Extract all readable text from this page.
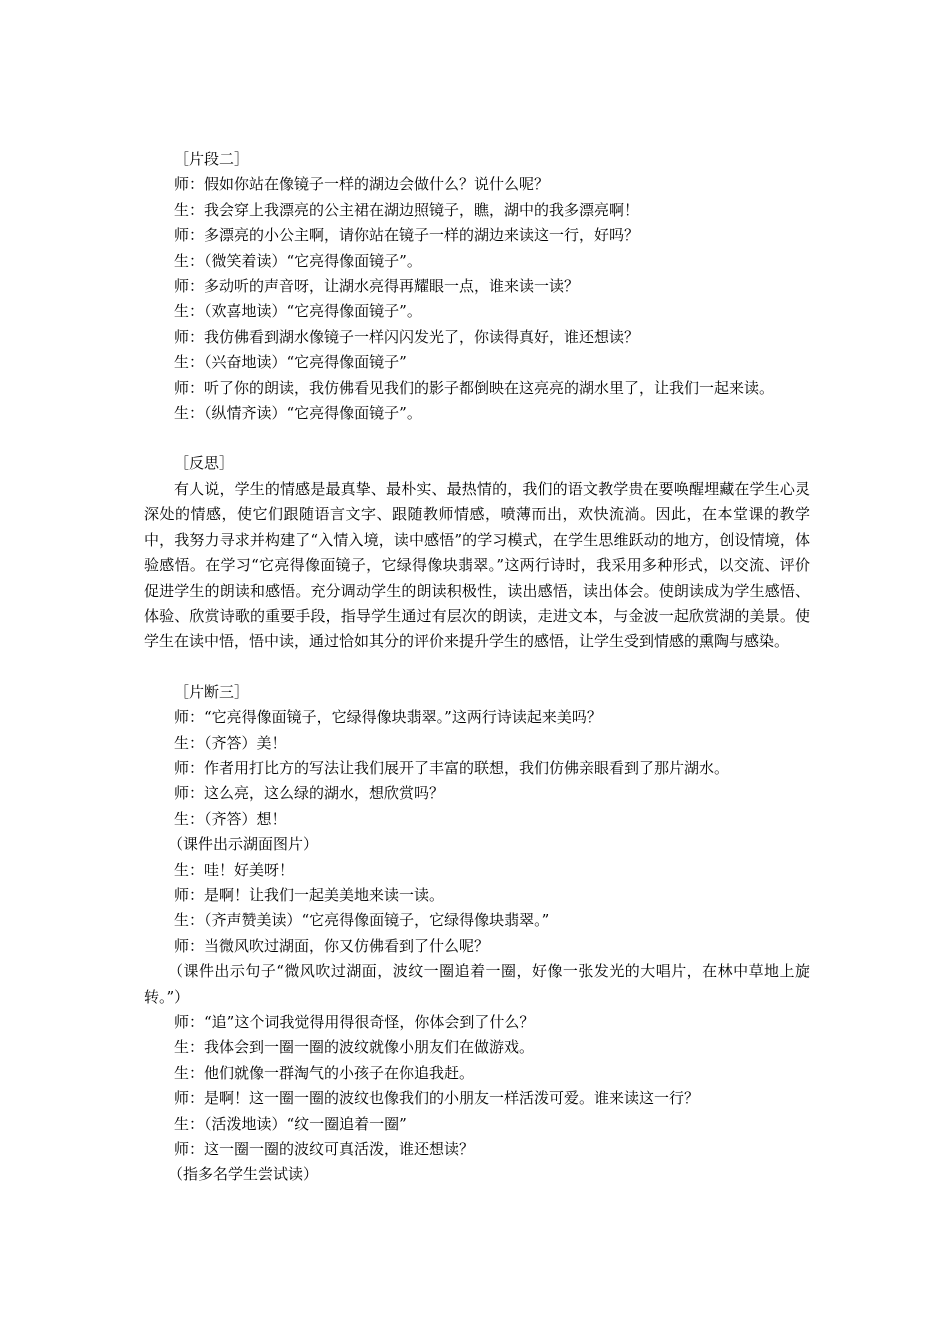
［片段二］
师：假如你站在像镜子一样的湖边会做什么？说什么呢？
生：我会穿上我漂亮的公主裙在湖边照镜子，瞧，湖中的我多漂亮啊！
师：多漂亮的小公主啊，请你站在镜子一样的湖边来读这一行，好吗？
生：（微笑着读）“它亮得像面镜子”。
师：多动听的声音呀，让湖水亮得再耀眼一点，谁来读一读？
生：（欢喜地读）“它亮得像面镜子”。
师：我仿佛看到湖水像镜子一样闪闪发光了，你读得真好，谁还想读？
生：（兴奋地读）“它亮得像面镜子”

师：听了你的朗读，我仿佛看见我们的影子都倒映在这亮亮的湖水里了，让我们一起来读。

生：（纵情齐读）“它亮得像面镜子”。
［反思］

有人说，学生的情感是最真挚、最朴实、最热情的，我们的语文教学贵在要唤醒埋藏在学生心灵深处的情感，使它们跟随语言文字、跟随教师情感，喷薄而出，欢快流淌。因此，在本堂课的教学中，我努力寻求并构建了“入情入境，读中感悟”的学习模式，在学生思维跃动的地方，创设情境，体验感悟。在学习“它亮得像面镜子，它绿得像块翡翠。”这两行诗时，我采用多种形式，以交流、评价促进学生的朗读和感悟。充分调动学生的朗读积极性，读出感悟，读出体会。使朗读成为学生感悟、体验、欣赏诗歌的重要手段，指导学生通过有层次的朗读，走进文本，与金波一起欣赏湖的美景。使学生在读中悟，悟中读，通过恰如其分的评价来提升学生的感悟，让学生受到情感的熏陶与感染。

［片断三］
师：“它亮得像面镜子，它绿得像块翡翠。”这两行诗读起来美吗？
生：（齐答）美！
师：作者用打比方的写法让我们展开了丰富的联想，我们仿佛亲眼看到了那片湖水。
师：这么亮，这么绿的湖水，想欣赏吗？
生：（齐答）想！
（课件出示湖面图片）
生：哇！好美呀！
师：是啊！让我们一起美美地来读一读。
生：（齐声赞美读）“它亮得像面镜子，它绿得像块翡翠。”
师：当微风吹过湖面，你又仿佛看到了什么呢？

（课件出示句子“微风吹过湖面，波纹一圈追着一圈，好像一张发光的大唱片，在林中草地上旋转。”）

师：“追”这个词我觉得用得很奇怪，你体会到了什么？
生：我体会到一圈一圈的波纹就像小朋友们在做游戏。
生：他们就像一群淘气的小孩子在你追我赶。
师：是啊！这一圈一圈的波纹也像我们的小朋友一样活泼可爱。谁来读这一行？
生：（活泼地读）“纹一圈追着一圈”
师：这一圈一圈的波纹可真活泼，谁还想读？
（指多名学生尝试读）
